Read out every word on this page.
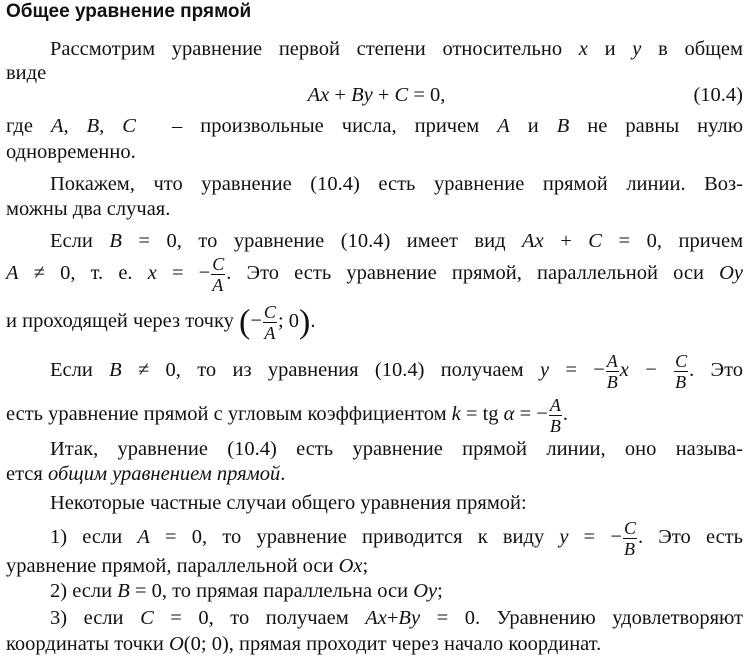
Общее уравнение прямой
Рассмотрим уравнение первой степени относительно x и y в общем
виде
Ax + By + C = 0,	(10.4)
где A, B, C – произвольные числа, причем A и B не равны нулю
одновременно.
Покажем, что уравнение (10.4) есть уравнение прямой линии. Воз-
можны два случая.
Если B = 0, то уравнение (10.4) имеет вид Ax + C = 0, причем
A ≠ 0, т. е. x = − $\frac{C}{A}$ . Это есть уравнение прямой, параллельной оси Oy
и проходящей через точку (− $\frac{C}{A}$ ; 0).
Если B ≠ 0, то из уравнения (10.4) получаем y = − $\frac{A}{B}$ $x - \frac{C}{B}$ . Это
есть уравнение прямой с угловым коэффициентом k = tg α = − $\frac{A}{B}$ .
Итак, уравнение (10.4) есть уравнение прямой линии, оно называ-
ется общим уравнением прямой.
Некоторые частные случаи общего уравнения прямой:
1) если A = 0, то уравнение приводится к виду y = − $\frac{C}{B}$ . Это есть
уравнение прямой, параллельной оси Ox;
2) если B = 0, то прямая параллельна оси Oy;
3) если C = 0, то получаем Ax+By = 0. Уравнению удовлетворяют
координаты точки O(0; 0), прямая проходит через начало координат.
